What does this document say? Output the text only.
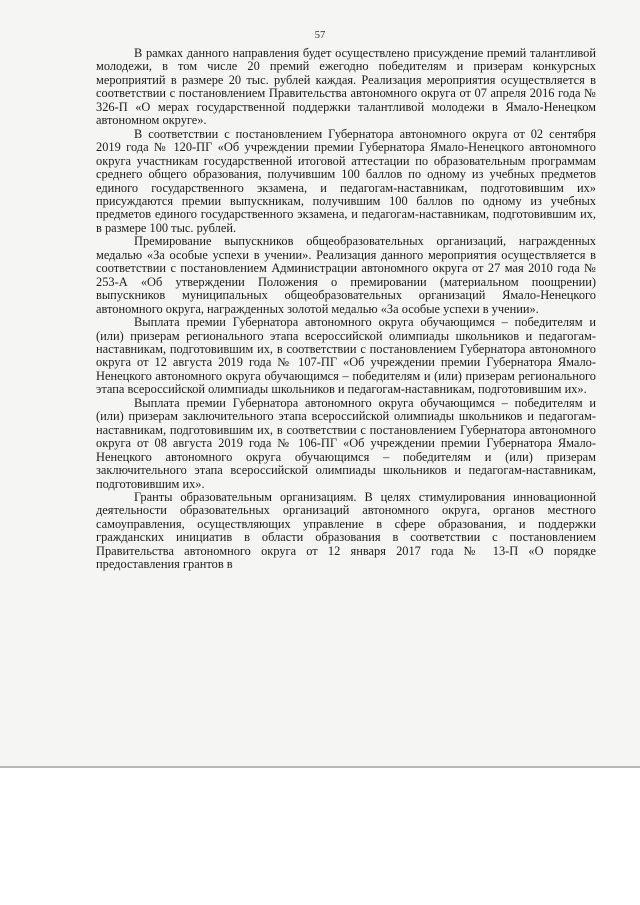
57

В рамках данного направления будет осуществлено присуждение премий талантливой молодежи, в том числе 20 премий ежегодно победителям и призерам конкурсных мероприятий в размере 20 тыс. рублей каждая. Реализация мероприятия осуществляется в соответствии с постановлением Правительства автономного округа от 07 апреля 2016 года № 326-П «О мерах государственной поддержки талантливой молодежи в Ямало-Ненецком автономном округе».

В соответствии с постановлением Губернатора автономного округа от 02 сентября 2019 года № 120-ПГ «Об учреждении премии Губернатора Ямало-Ненецкого автономного округа участникам государственной итоговой аттестации по образовательным программам среднего общего образования, получившим 100 баллов по одному из учебных предметов единого государственного экзамена, и педагогам-наставникам, подготовившим их» присуждаются премии выпускникам, получившим 100 баллов по одному из учебных предметов единого государственного экзамена, и педагогам-наставникам, подготовившим их, в размере 100 тыс. рублей.

Премирование выпускников общеобразовательных организаций, награжденных медалью «За особые успехи в учении». Реализация данного мероприятия осуществляется в соответствии с постановлением Администрации автономного округа от 27 мая 2010 года № 253-А «Об утверждении Положения о премировании (материальном поощрении) выпускников муниципальных общеобразовательных организаций Ямало-Ненецкого автономного округа, награжденных золотой медалью «За особые успехи в учении».

Выплата премии Губернатора автономного округа обучающимся – победителям и (или) призерам регионального этапа всероссийской олимпиады школьников и педагогам-наставникам, подготовившим их, в соответствии с постановлением Губернатора автономного округа от 12 августа 2019 года № 107-ПГ «Об учреждении премии Губернатора Ямало-Ненецкого автономного округа обучающимся – победителям и (или) призерам регионального этапа всероссийской олимпиады школьников и педагогам-наставникам, подготовившим их».

Выплата премии Губернатора автономного округа обучающимся – победителям и (или) призерам заключительного этапа всероссийской олимпиады школьников и педагогам-наставникам, подготовившим их, в соответствии с постановлением Губернатора автономного округа от 08 августа 2019 года № 106-ПГ «Об учреждении премии Губернатора Ямало-Ненецкого автономного округа обучающимся – победителям и (или) призерам заключительного этапа всероссийской олимпиады школьников и педагогам-наставникам, подготовившим их».

Гранты образовательным организациям. В целях стимулирования инновационной деятельности образовательных организаций автономного округа, органов местного самоуправления, осуществляющих управление в сфере образования, и поддержки гражданских инициатив в области образования в соответствии с постановлением Правительства автономного округа от 12 января 2017 года № 13-П «О порядке предоставления грантов в
